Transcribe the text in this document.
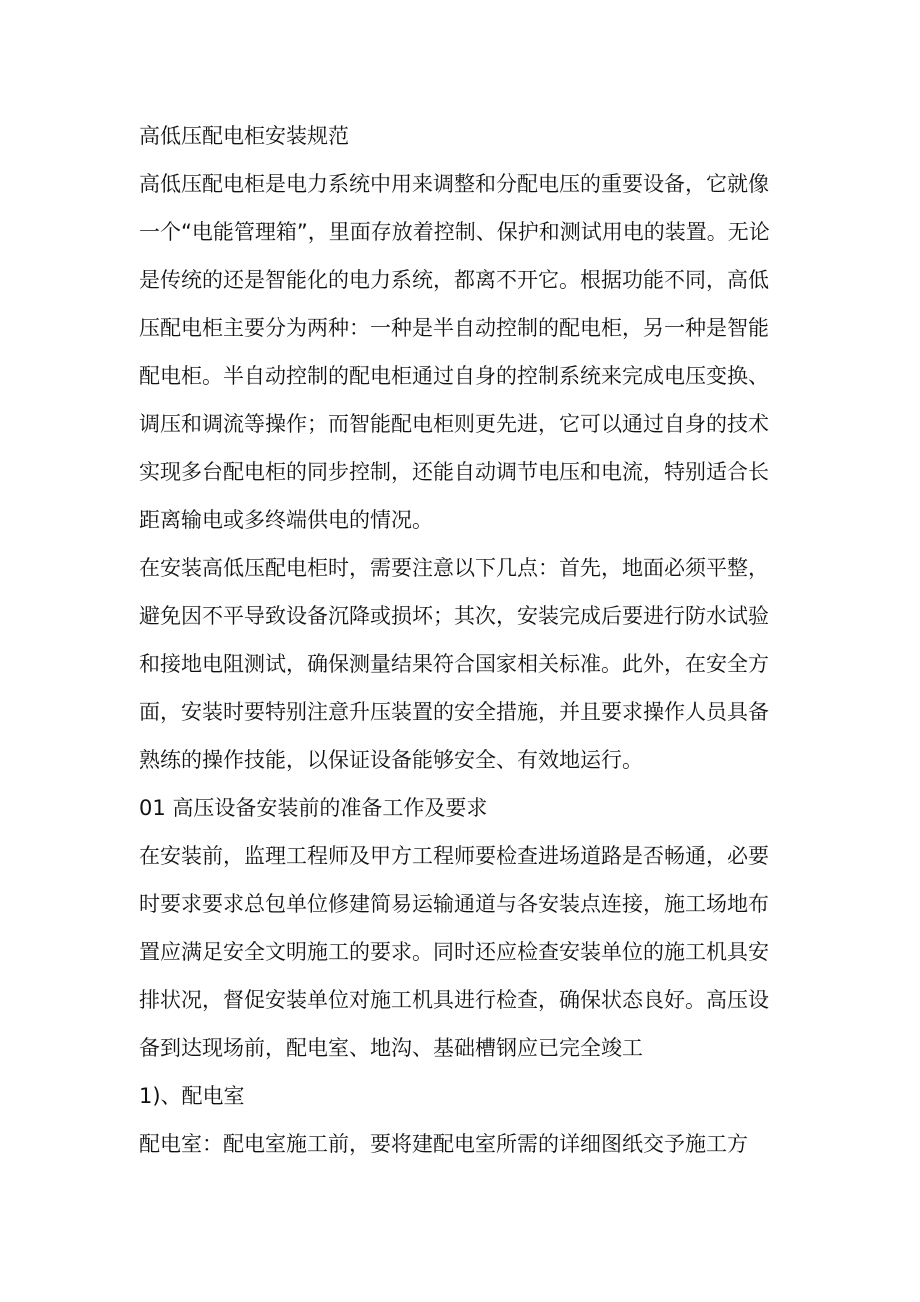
高低压配电柜安装规范
高低压配电柜是电力系统中用来调整和分配电压的重要设备，它就像
一个“电能管理箱”，里面存放着控制、保护和测试用电的装置。无论
是传统的还是智能化的电力系统，都离不开它。根据功能不同，高低
压配电柜主要分为两种：一种是半自动控制的配电柜，另一种是智能
配电柜。半自动控制的配电柜通过自身的控制系统来完成电压变换、
调压和调流等操作；而智能配电柜则更先进，它可以通过自身的技术
实现多台配电柜的同步控制，还能自动调节电压和电流，特别适合长
距离输电或多终端供电的情况。
在安装高低压配电柜时，需要注意以下几点：首先，地面必须平整，
避免因不平导致设备沉降或损坏；其次，安装完成后要进行防水试验
和接地电阻测试，确保测量结果符合国家相关标准。此外，在安全方
面，安装时要特别注意升压装置的安全措施，并且要求操作人员具备
熟练的操作技能，以保证设备能够安全、有效地运行。
01 高压设备安装前的准备工作及要求
在安装前，监理工程师及甲方工程师要检查进场道路是否畅通，必要
时要求要求总包单位修建简易运输通道与各安装点连接，施工场地布
置应满足安全文明施工的要求。同时还应检查安装单位的施工机具安
排状况，督促安装单位对施工机具进行检查，确保状态良好。高压设
备到达现场前，配电室、地沟、基础槽钢应已完全竣工
1)、配电室
配电室：配电室施工前，要将建配电室所需的详细图纸交予施工方
